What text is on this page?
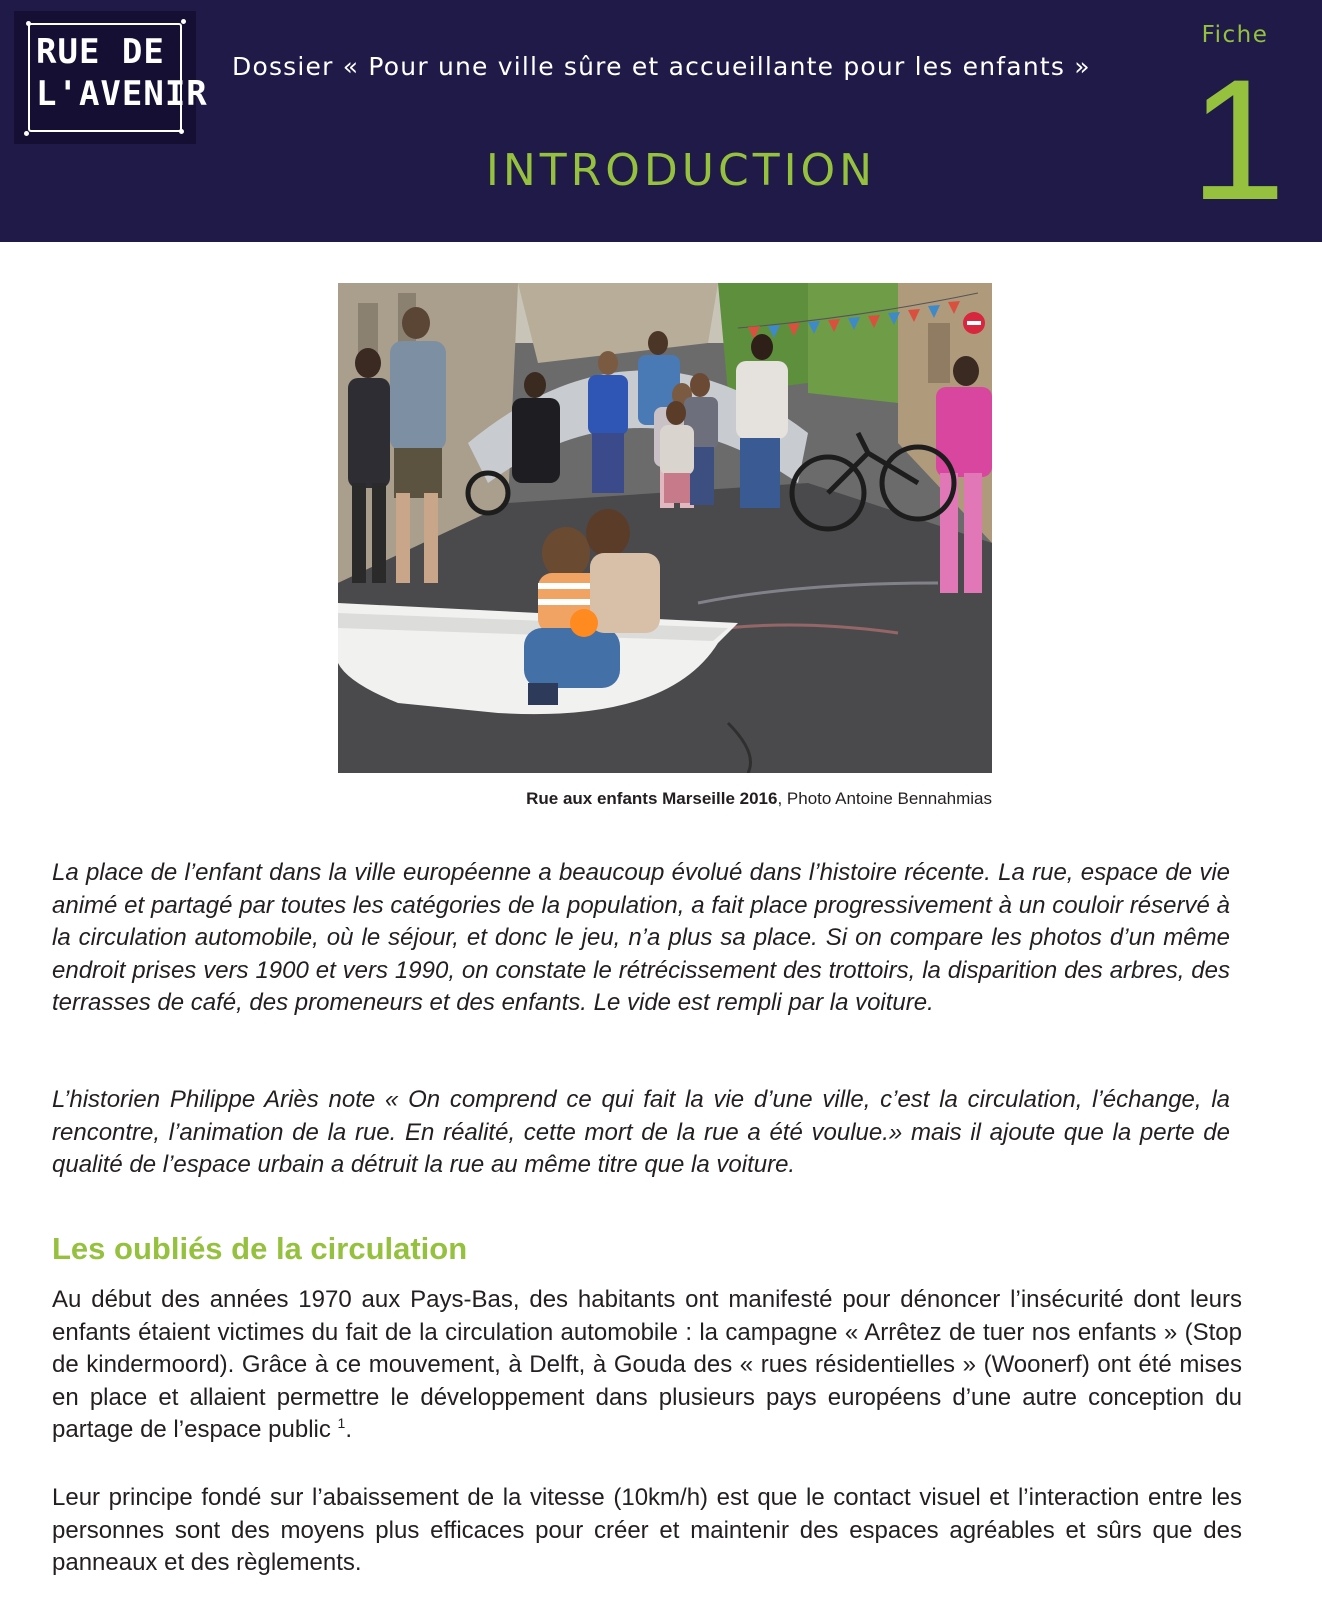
RUE DE
L'AVENIR
Dossier « Pour une ville sûre et accueillante pour les enfants »
INTRODUCTION
Fiche
1
Rue aux enfants Marseille 2016, Photo Antoine Bennahmias
La place de l’enfant dans la ville européenne a beaucoup évolué dans l’histoire récente. La rue, espace de vie animé et partagé par toutes les catégories de la population, a fait place progressivement à un couloir réservé à la circulation automobile, où le séjour, et donc le jeu, n’a plus sa place. Si on compare les photos d’un même endroit prises vers 1900 et vers 1990, on constate le rétrécissement des trottoirs, la disparition des arbres, des terrasses de café, des promeneurs et des enfants. Le vide est rempli par la voiture.
L’historien Philippe Ariès note « On comprend ce qui fait la vie d’une ville, c’est la circulation, l’échange, la rencontre, l’animation de la rue. En réalité, cette mort de la rue a été voulue.» mais il ajoute que la perte de qualité de l’espace urbain a détruit la rue au même titre que la voiture.
Les oubliés de la circulation
Au début des années 1970 aux Pays-Bas, des habitants ont manifesté pour dénoncer l’insécurité dont leurs enfants étaient victimes du fait de la circulation automobile : la campagne « Arrêtez de tuer nos enfants » (Stop de kindermoord). Grâce à ce mouvement, à Delft, à Gouda des « rues résidentielles » (Woonerf) ont été mises en place et allaient permettre le développement dans plusieurs pays européens d’une autre conception du partage de l’espace public $^1$.
Leur principe fondé sur l’abaissement de la vitesse (10km/h) est que le contact visuel et l’interaction entre les personnes sont des moyens plus efficaces pour créer et maintenir des espaces agréables et sûrs que des panneaux et des règlements.
